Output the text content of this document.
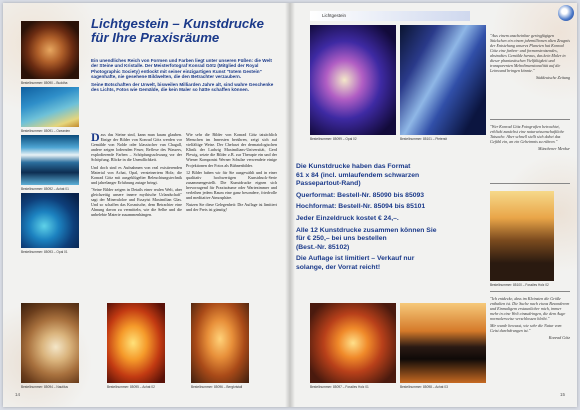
Bestellnummer: 85090 – Buddha
Bestellnummer: 85091 – Ozeanien
Bestellnummer: 85092 – Achat 01
Bestellnummer: 85093 – Opal 01
Bestellnummer: 85094 – Nautilus	Bestellnummer: 85095 – Achat 02	Bestellnummer: 85096 – Bergkristall
Lichtgestein – Kunstdrucke für Ihre Praxisräume

Ein unendliches Reich von Formen und Farben liegt unter unseren Füßen: die Welt der Steine und Kristalle. Der Meisterfotograf Konrad Götz (Mitglied der Royal Photographic Society) entlockt mit seiner einzigartigen Kunst "totem Gestein" sagenhafte, nie gesehene Bildwelten, die den Betrachter verzaubern.

Seine Botschaften der Urwelt, bisweilen Milliarden Jahre alt, sind wahre Geschenke des Lichts, Fotos wie Gemälde, die kein Maler so hätte schaffen können.

Dass das Steine sind, kann man kaum glauben. Einige der Bilder von Konrad Götz werden vor Gemälde von Nolde oder klassischer van Chagall, andere zeigen lodernden Feuer, Reflexe des Wassers, explodierende Farben – Schöpfungsschwung vor der Schöpfung. Blicke in die Unendlichkeit.

Und doch sind es Aufnahmen von real existierenden Material von Achat, Opal, versteinertem Holz; die Konrad Götz mit ausgeklügelter Beleuchtungstechnik und jahrelanger Erfahrung zutage bringt.

"Seine Bilder zeigen in Details einer realen Welt, aber gleichzeitig unsere innere mythische Urlandschaft" sagt der Mineraloloe und Essayist Maximilian Glas. Und so schaffen das Kosmische, dem Betrachter eine Ahnung davon zu vermitteln, wie die Selbe und die unbelebte Materie zusammenhängen.

Wie sehr die Bilder von Konrad Götz tatsächlich Menschen im Innersten berühren, zeigt sich auf vielfältige Weise. Der Chefarzt der dermatologischen Klinik der Ludwig Maximilians-Universität, Gerd Plewig, setzte die Bilder z.B. zur Therapie ein und der Wiener Komponist Werner Schulze verwendete einige Projektionen der Fotos als Bühnenbilder.

12 Bilder haben wir für Sie ausgewählt und in einer qualitativ hochwertigen Kunstdruck-Serie zusammengestellt. Die Kunstdrucke eignen sich hervorragend für Praxisräume oder Wartezimmer und verleihen jedem Raum eine ganz besondere, friedvolle und meditative Atmosphäre.

Nutzen Sie diese Gelegenheit: Die Auflage ist limitiert und der Preis ist günstig!

14
Lichtgestein
Bestellnummer: 85099 – Opal 02	Bestellnummer: 85101 – Pietersit
Die Kunstdrucke haben das Format
61 x 84 (incl. umlaufendem schwarzen
Passepartout-Rand)
Querformat: Bestell-Nr. 85090 bis 85093
Hochformat: Bestell-Nr. 85094 bis 85101
Jeder Einzeldruck kostet € 24,–.
Alle 12 Kunstdrucke zusammen können Sie
für € 250,– bei uns bestellen
(Best.-Nr. 85102)
Die Auflage ist limitiert – Verkauf nur
solange, der Vorrat reicht!
Bestellnummer: 85100 – Fossiles Holz 02
Bestellnummer: 85097 – Fossiles Holz 01	Bestellnummer: 85098 – Achat 03
"Aus einem unscheinbar geringfügigen Stückchen ein einem jahrmillionen alten Zeugnis der Entstehung unseres Planeten hat Konrad Götz eine farben- und formenstrotzendes, abstraktes Gemälde heraus, das kein Maler in dieser phantastischen Vielfältigkeit und transparenten Mehrdimensionalität auf die Leinwand bringen könnte."
Süddeutsche Zeitung
"Wer Konrad Götz Fotografien betrachtet, erblickt zunächst eine naturwissenschaftliche Tatsache. Aber schnell stellt sich dabei das Gefühl ein, an ein Geheimnis zu rühren."
Münchener Merkur
"Ich entdecke, dass im Kleinsten die Größe enthalten ist. Die Suche nach etwas Besonderem und Einmaligem erstaunlicher mich, immer mehr in eine Welt einzudringen, die dem Auge normalerweise verschlossen bleibt."
Mir wurde bewusst, wie sehr die Natur vom Geist durchdrungen ist."
Konrad Götz
15
